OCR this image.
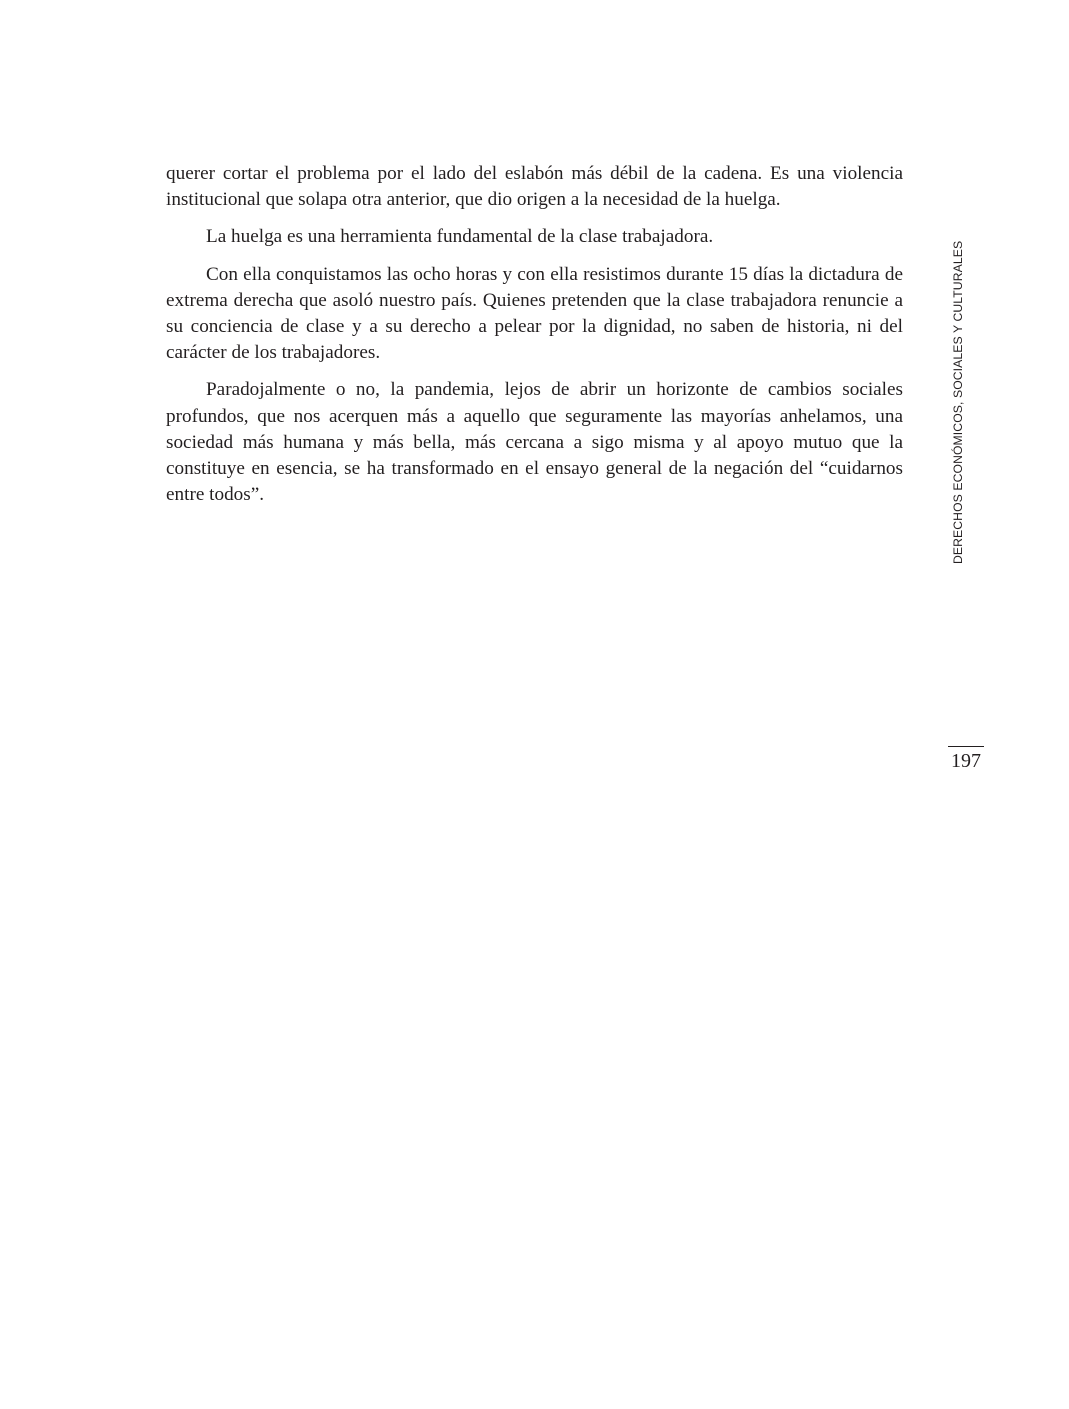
querer cortar el problema por el lado del eslabón más débil de la cadena. Es una violencia institucional que solapa otra anterior, que dio origen a la necesidad de la huelga.

La huelga es una herramienta fundamental de la clase trabajadora.

Con ella conquistamos las ocho horas y con ella resistimos durante 15 días la dictadura de extrema derecha que asoló nuestro país. Quienes pretenden que la clase trabajadora renuncie a su conciencia de clase y a su derecho a pelear por la dignidad, no saben de historia, ni del carácter de los trabajadores.

Paradojalmente o no, la pandemia, lejos de abrir un horizonte de cambios sociales profundos, que nos acerquen más a aquello que seguramente las mayorías anhelamos, una sociedad más humana y más bella, más cercana a sigo misma y al apoyo mutuo que la constituye en esencia, se ha transformado en el ensayo general de la negación del “cuidarnos entre todos”.	DERECHOS ECONÓMICOS, SOCIALES Y CULTURALES
197
